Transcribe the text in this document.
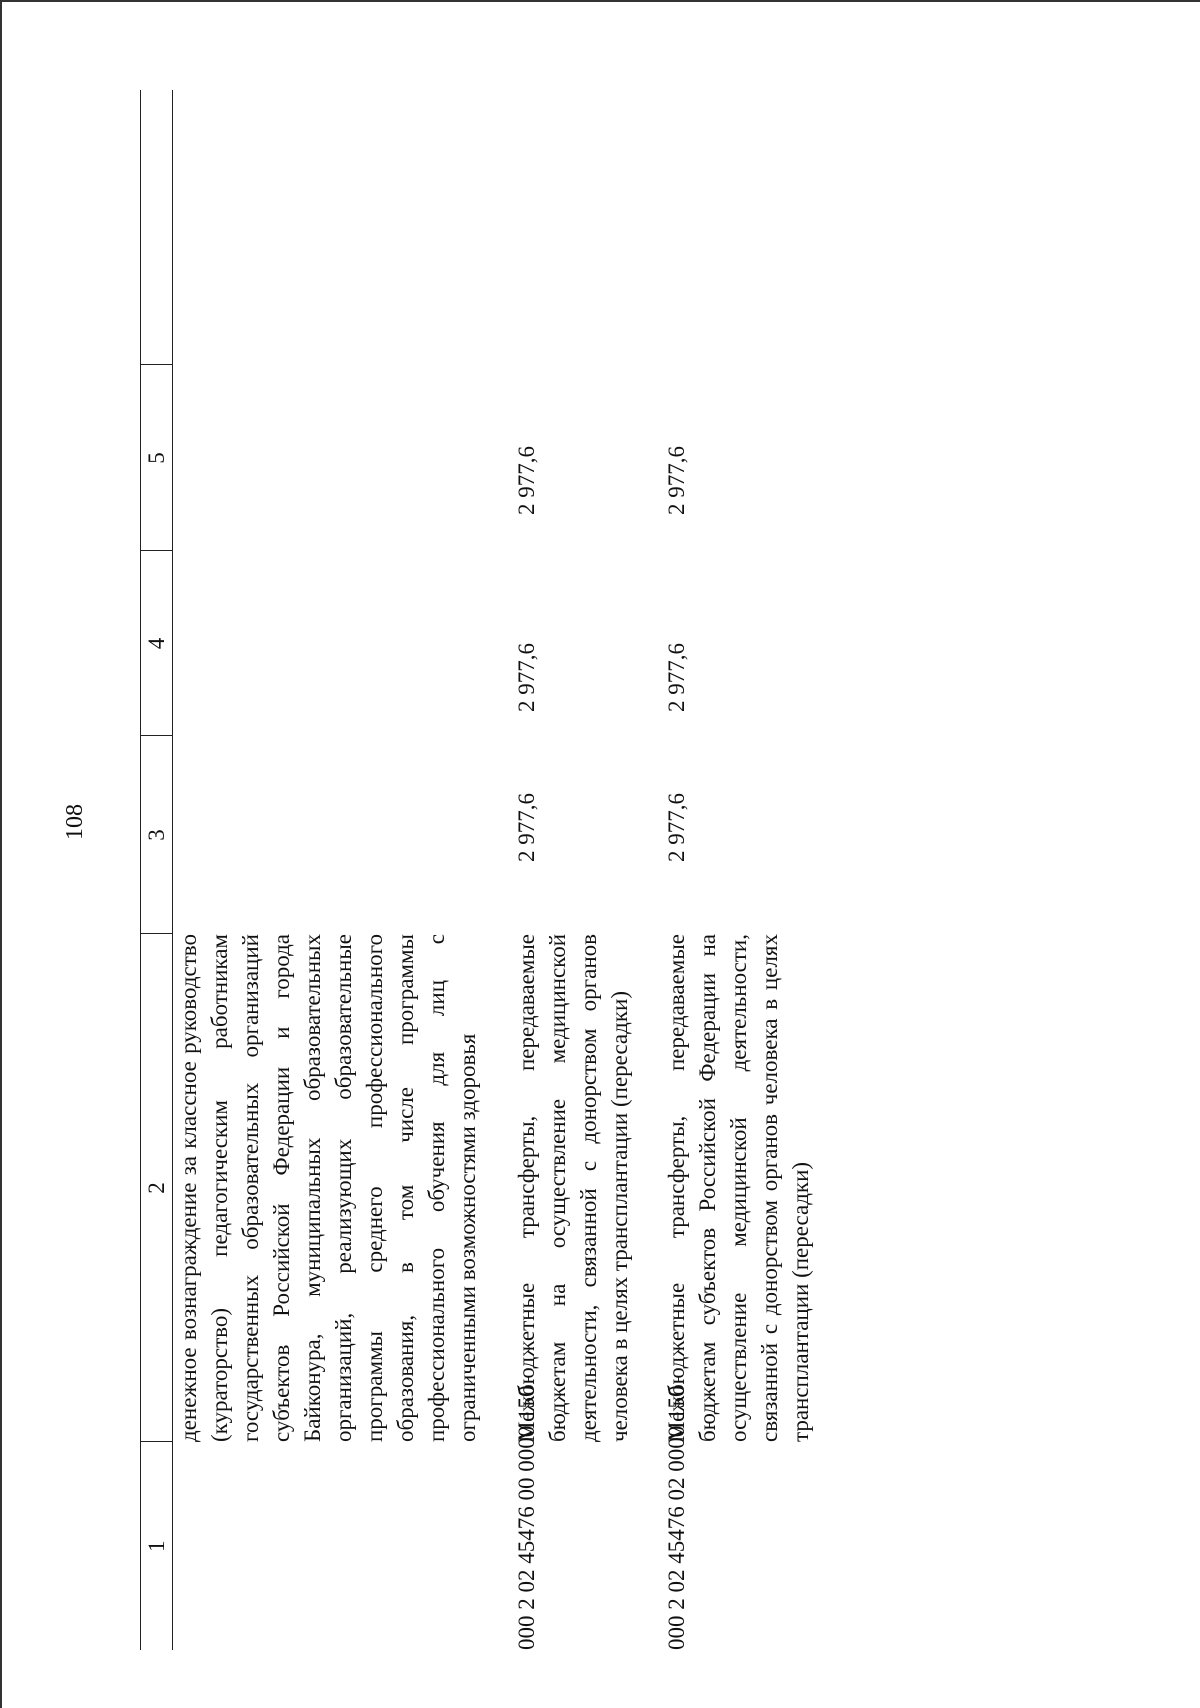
108
1	2	3	4	5

	денежное вознаграждение за классное руководство (кураторство) педагогическим работникам государственных образовательных организаций субъектов Российской Федерации и города Байконура, муниципальных образовательных организаций, реализующих образовательные программы среднего профессионального образования, в том числе программы профессионального обучения для лиц с ограниченными возможностями здоровья			

000 2 02 45476 00 0000 150	Межбюджетные трансферты, передаваемые бюджетам на осуществление медицинской деятельности, связанной с донорством органов человека в целях трансплантации (пересадки)	2 977,6	2 977,6	2 977,6
000 2 02 45476 02 0000 150	Межбюджетные трансферты, передаваемые бюджетам субъектов Российской Федерации на осуществление медицинской деятельности, связанной с донорством органов человека в целях трансплантации (пересадки)	2 977,6	2 977,6	2 977,6
